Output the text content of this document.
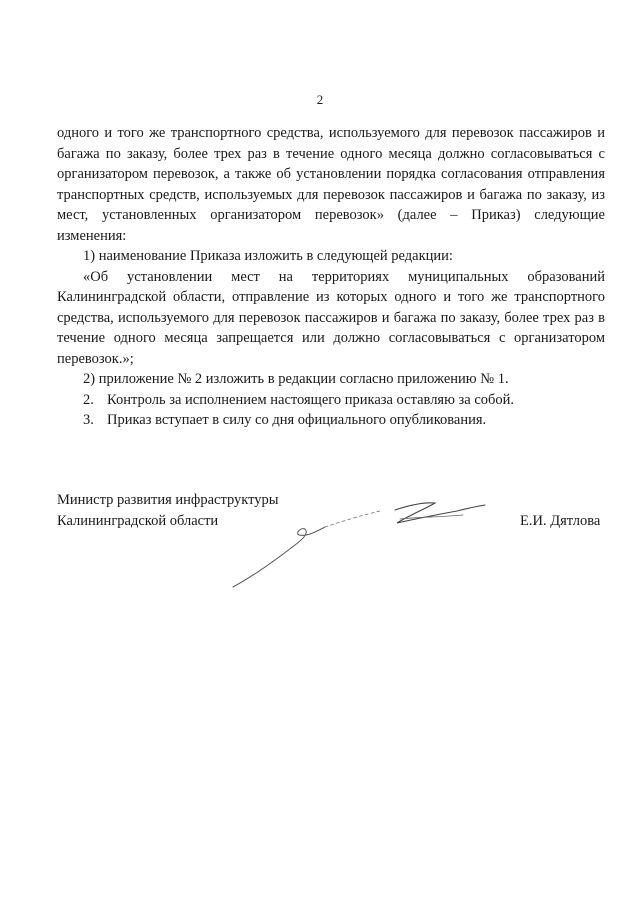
2

одного и того же транспортного средства, используемого для перевозок пассажиров и багажа по заказу, более трех раз в течение одного месяца должно согласовываться с организатором перевозок, а также об установлении порядка согласования отправления транспортных средств, используемых для перевозок пассажиров и багажа по заказу, из мест, установленных организатором перевозок» (далее – Приказ) следующие изменения:

1) наименование Приказа изложить в следующей редакции:

«Об установлении мест на территориях муниципальных образований Калининградской области, отправление из которых одного и того же транспортного средства, используемого для перевозок пассажиров и багажа по заказу, более трех раз в течение одного месяца запрещается или должно согласовываться с организатором перевозок.»;

2) приложение № 2 изложить в редакции согласно приложению № 1.

2. Контроль за исполнением настоящего приказа оставляю за собой.

3. Приказ вступает в силу со дня официального опубликования.

Министр развития инфраструктуры
Калининградской области	Е.И. Дятлова
